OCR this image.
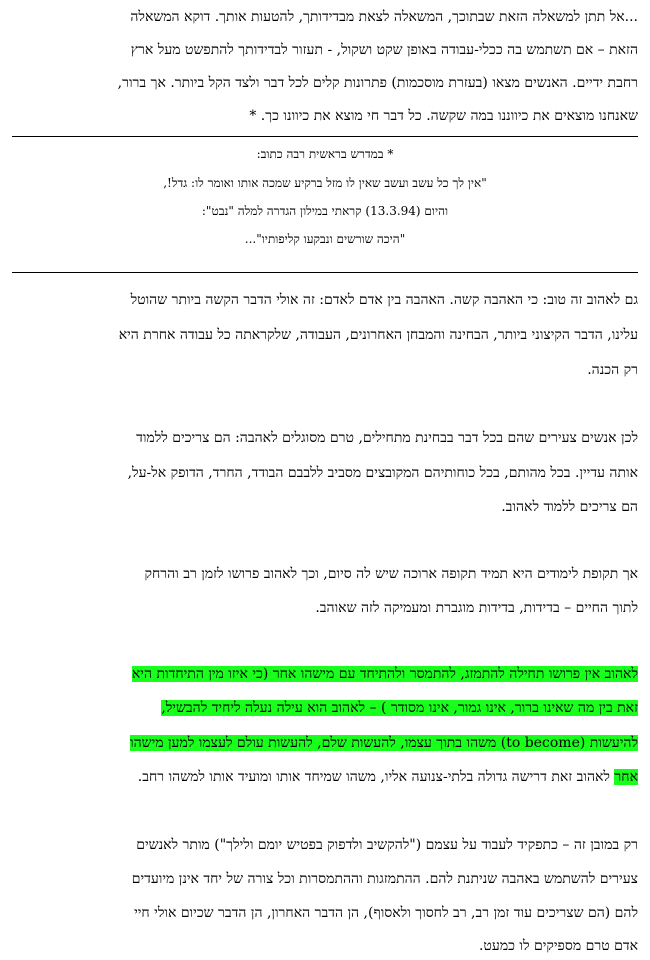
...אל תתן למשאלה הזאת שבתוכך, המשאלה לצאת מבדידותך, להטעות אותך. דוקא המשאלה
הזאת – אם תשתמש בה ככלי-עבודה באופן שקט ושקול, - תעזור לבדידותך להתפשט מעל ארץ
רחבת ידיים. האנשים מצאו (בעזרת מוסכמות) פתרונות קלים לכל דבר ולצד הקל ביותר. אך ברור,
שאנחנו מוצאים את כיווננו במה שקשה. כל דבר חי מוצא את כיוונו כך. *
* במדרש בראשית רבה כתוב:
"אין לך כל עשב ועשב שאין לו מזל ברקיע שמכה אותו ואומר לו: גדל!,
והיום (13.3.94) קראתי במילון הגדרה למלה "נבט":
"היכה שורשים ונבקעו קליפותיו"...
גם לאהוב זה טוב: כי האהבה קשה. האהבה בין אדם לאדם: זה אולי הדבר הקשה ביותר שהוטל
עלינו, הדבר הקיצוני ביותר, הבחינה והמבחן האחרונים, העבודה, שלקראתה כל עבודה אחרת היא
רק הכנה.
לכן אנשים צעירים שהם בכל דבר בבחינת מתחילים, טרם מסוגלים לאהבה: הם צריכים ללמוד
אותה עדיין. בכל מהותם, בכל כוחותיהם המקובצים מסביב ללבבם הבודד, החרד, הדופק אל-על,
הם צריכים ללמוד לאהוב.
אך תקופת לימודים היא תמיד תקופה ארוכה שיש לה סיום, וכך לאהוב פרושו לזמן רב והרחק
לתוך החיים – בדידות, בדידות מוגברת ומעמיקה לזה שאוהב.
לאהוב אין פרושו תחילה להתמזג, להתמסר ולהתיחד עם מישהו אחר (כי איזו מין התיחדות היא
זאת בין מה שאינו ברור, אינו גמור, אינו מסודר ) – לאהוב הוא עילה נעלה ליחיד להבשיל,
להיעשות (to become) משהו בתוך עצמו, להעשות שלם, להעשות עולם לעצמו למען מישהו
אחר לאהוב זאת דרישה גדולה בלתי-צנועה אליו, משהו שמיחד אותו ומועיד אותו למשהו רחב.
רק במובן זה – כתפקיד לעבוד על עצמם ("להקשיב ולדפוק בפטיש יומם ולילך") מותר לאנשים
צעירים להשתמש באהבה שניתנת להם. ההתמזגות וההתמסרות וכל צורה של יחד אינן מיועדים
להם (הם שצריכים עוד זמן רב, רב לחסוך ולאסוף), הן הדבר האחרון, הן הדבר שכיום אולי חיי
אדם טרם מספיקים לו כמעט.
